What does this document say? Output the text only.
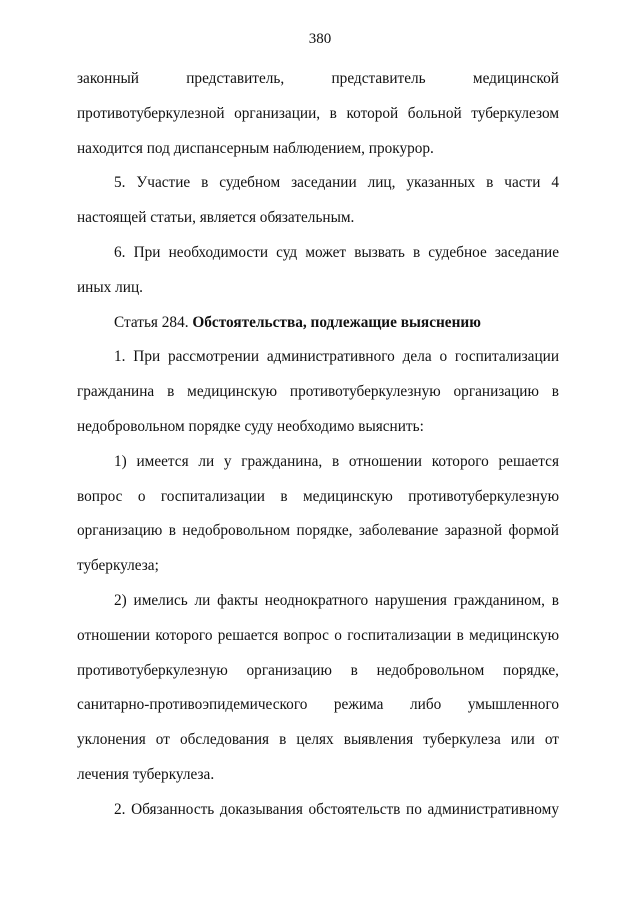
380

законный представитель, представитель медицинской противотуберкулезной организации, в которой больной туберкулезом находится под диспансерным наблюдением, прокурор.

5. Участие в судебном заседании лиц, указанных в части 4 настоящей статьи, является обязательным.

6. При необходимости суд может вызвать в судебное заседание иных лиц.

Статья 284. Обстоятельства, подлежащие выяснению

1. При рассмотрении административного дела о госпитализации гражданина в медицинскую противотуберкулезную организацию в недобровольном порядке суду необходимо выяснить:

1) имеется ли у гражданина, в отношении которого решается вопрос о госпитализации в медицинскую противотуберкулезную организацию в недобровольном порядке, заболевание заразной формой туберкулеза;

2) имелись ли факты неоднократного нарушения гражданином, в отношении которого решается вопрос о госпитализации в медицинскую противотуберкулезную организацию в недобровольном порядке, санитарно-противоэпидемического режима либо умышленного уклонения от обследования в целях выявления туберкулеза или от лечения туберкулеза.

2. Обязанность доказывания обстоятельств по административному
